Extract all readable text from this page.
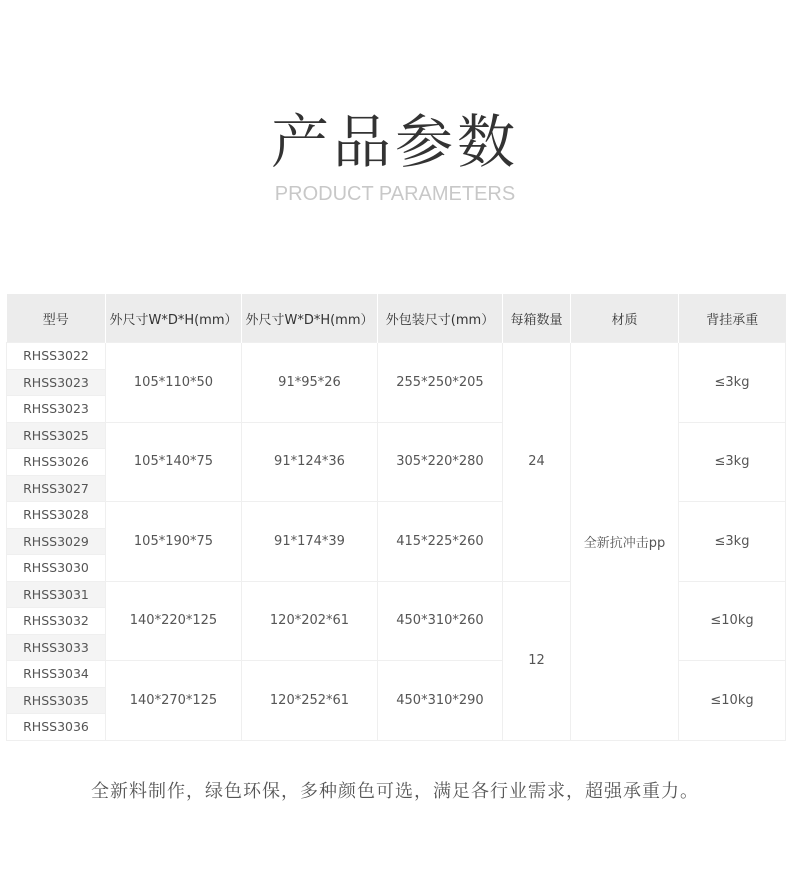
产品参数
PRODUCT PARAMETERS
型号	外尺寸W*D*H(mm）	外尺寸W*D*H(mm）	外包装尺寸(mm）	每箱数量	材质	背挂承重
RHSS3022	105*110*50	91*95*26	255*250*205	24	全新抗冲击pp	≤3kg
RHSS3023						
RHSS3023						
RHSS3025	105*140*75	91*124*36	305*220*280			≤3kg
RHSS3026						
RHSS3027						
RHSS3028	105*190*75	91*174*39	415*225*260			≤3kg
RHSS3029						
RHSS3030						
RHSS3031	140*220*125	120*202*61	450*310*260	12		≤10kg
RHSS3032						
RHSS3033						
RHSS3034	140*270*125	120*252*61	450*310*290			≤10kg
RHSS3035						
RHSS3036						
全新料制作，绿色环保，多种颜色可选，满足各行业需求，超强承重力。
